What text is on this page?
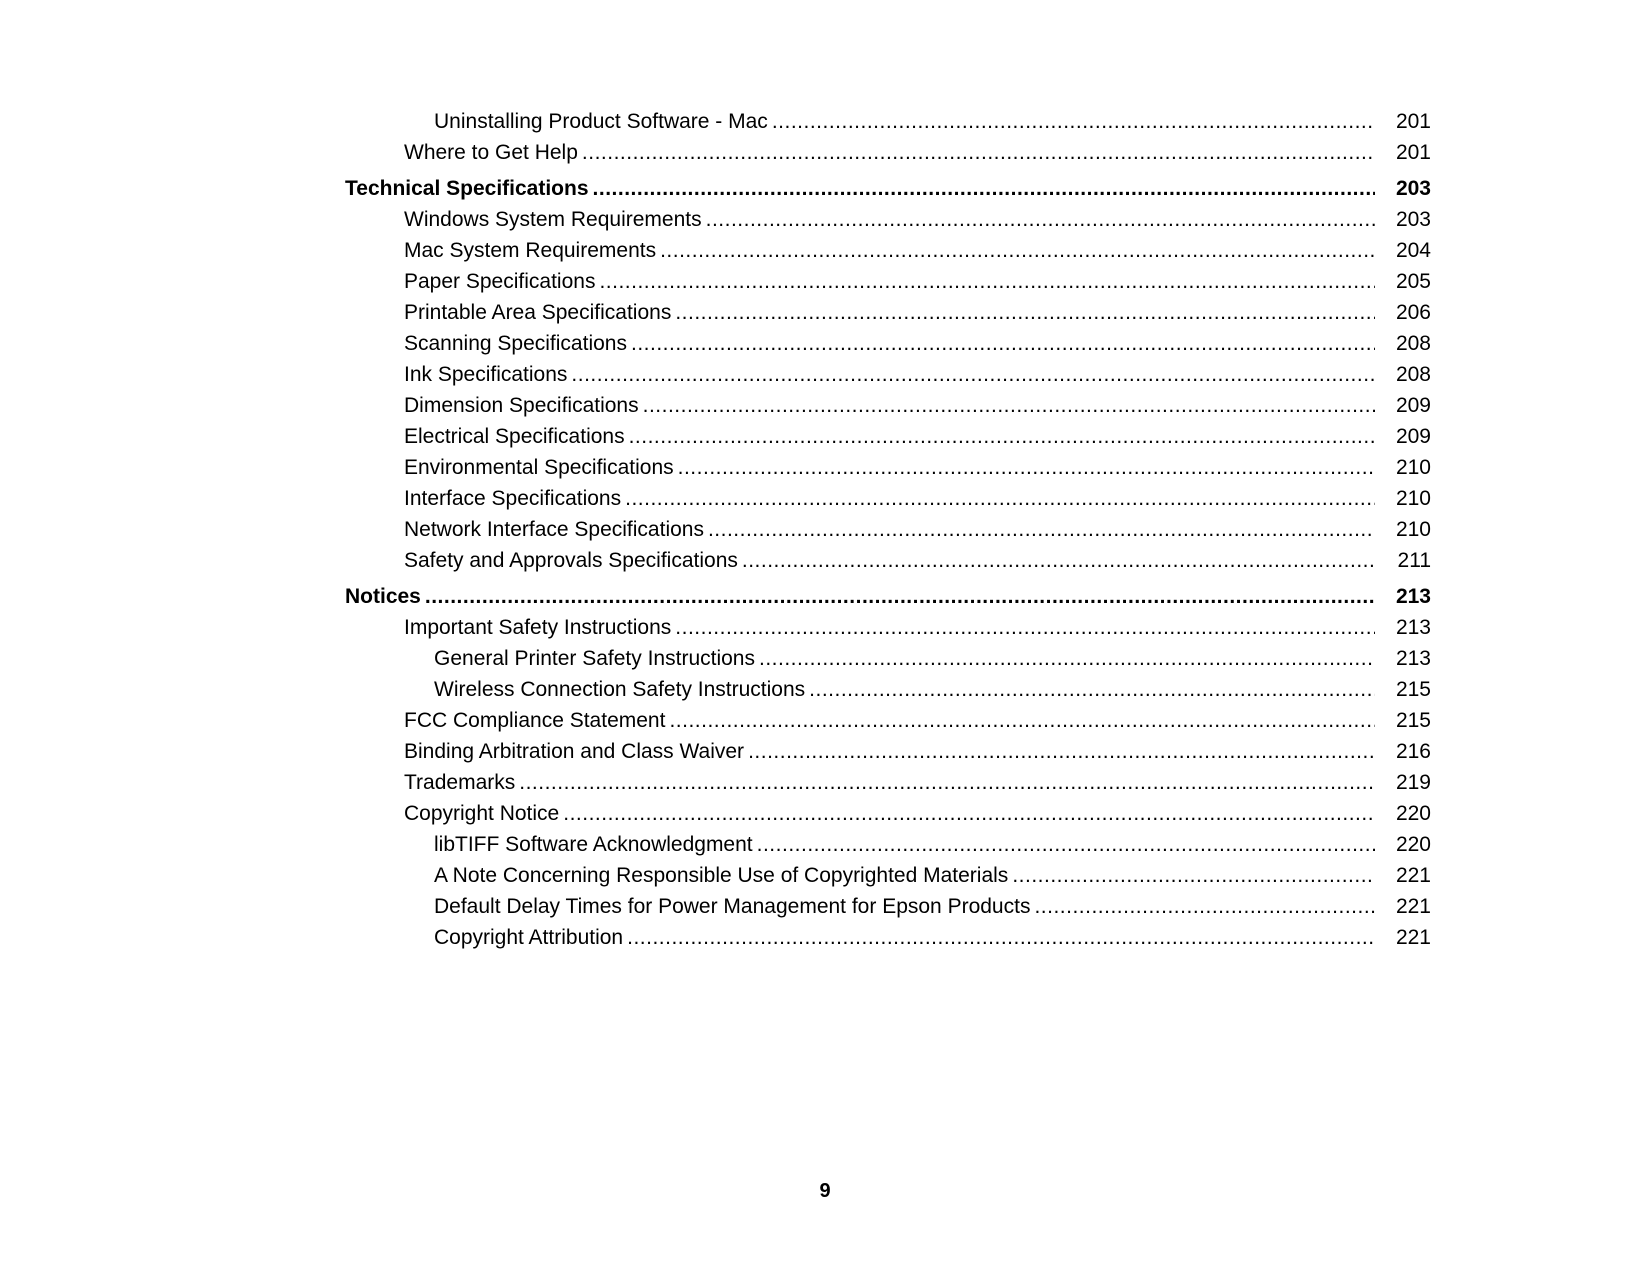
Uninstalling Product Software - Mac .....	201
Where to Get Help .....	201
Technical Specifications .....	203
Windows System Requirements .....	203
Mac System Requirements .....	204
Paper Specifications .....	205
Printable Area Specifications .....	206
Scanning Specifications .....	208
Ink Specifications .....	208
Dimension Specifications .....	209
Electrical Specifications .....	209
Environmental Specifications .....	210
Interface Specifications .....	210
Network Interface Specifications .....	210
Safety and Approvals Specifications .....	211
Notices .....	213
Important Safety Instructions .....	213
General Printer Safety Instructions .....	213
Wireless Connection Safety Instructions .....	215
FCC Compliance Statement .....	215
Binding Arbitration and Class Waiver .....	216
Trademarks .....	219
Copyright Notice .....	220
libTIFF Software Acknowledgment .....	220
A Note Concerning Responsible Use of Copyrighted Materials .....	221
Default Delay Times for Power Management for Epson Products .....	221
Copyright Attribution .....	221
9
